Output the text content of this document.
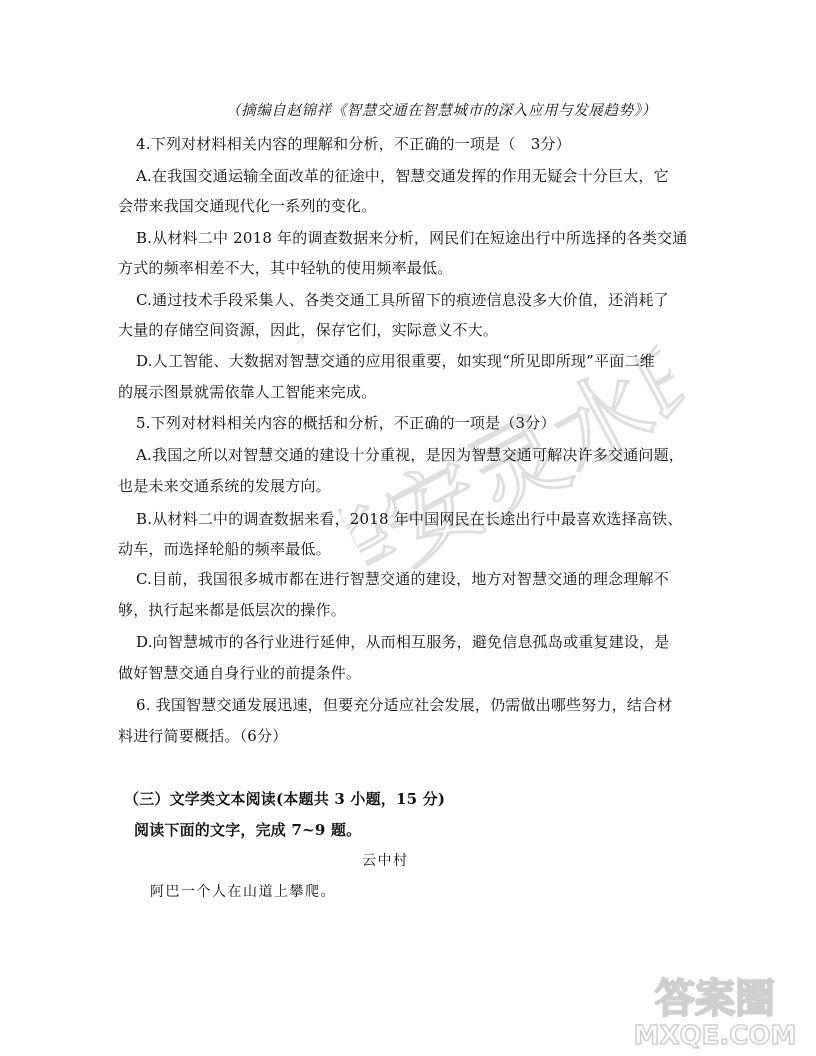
华安灵水印
（摘编自赵锦祥《智慧交通在智慧城市的深入应用与发展趋势》）
4.下列对材料相关内容的理解和分析，不正确的一项是（　3分）
A.在我国交通运输全面改革的征途中，智慧交通发挥的作用无疑会十分巨大，它
会带来我国交通现代化一系列的变化。
B.从材料二中 2018 年的调查数据来分析，网民们在短途出行中所选择的各类交通
方式的频率相差不大，其中轻轨的使用频率最低。
C.通过技术手段采集人、各类交通工具所留下的痕迹信息没多大价值，还消耗了
大量的存储空间资源，因此，保存它们，实际意义不大。
D.人工智能、大数据对智慧交通的应用很重要，如实现“所见即所现”平面二维
的展示图景就需依靠人工智能来完成。
5.下列对材料相关内容的概括和分析，不正确的一项是（3分）
A.我国之所以对智慧交通的建设十分重视，是因为智慧交通可解决许多交通问题，
也是未来交通系统的发展方向。
B.从材料二中的调查数据来看，2018 年中国网民在长途出行中最喜欢选择高铁、
动车，而选择轮船的频率最低。
C.目前，我国很多城市都在进行智慧交通的建设，地方对智慧交通的理念理解不
够，执行起来都是低层次的操作。
D.向智慧城市的各行业进行延伸，从而相互服务，避免信息孤岛或重复建设，是
做好智慧交通自身行业的前提条件。
6. 我国智慧交通发展迅速，但要充分适应社会发展，仍需做出哪些努力，结合材
料进行简要概括。（6分）
（三）文学类文本阅读(本题共 3 小题，15 分)
阅读下面的文字，完成 7~9 题。
云中村
阿巴一个人在山道上攀爬。
答案圈
MXQE.COM
